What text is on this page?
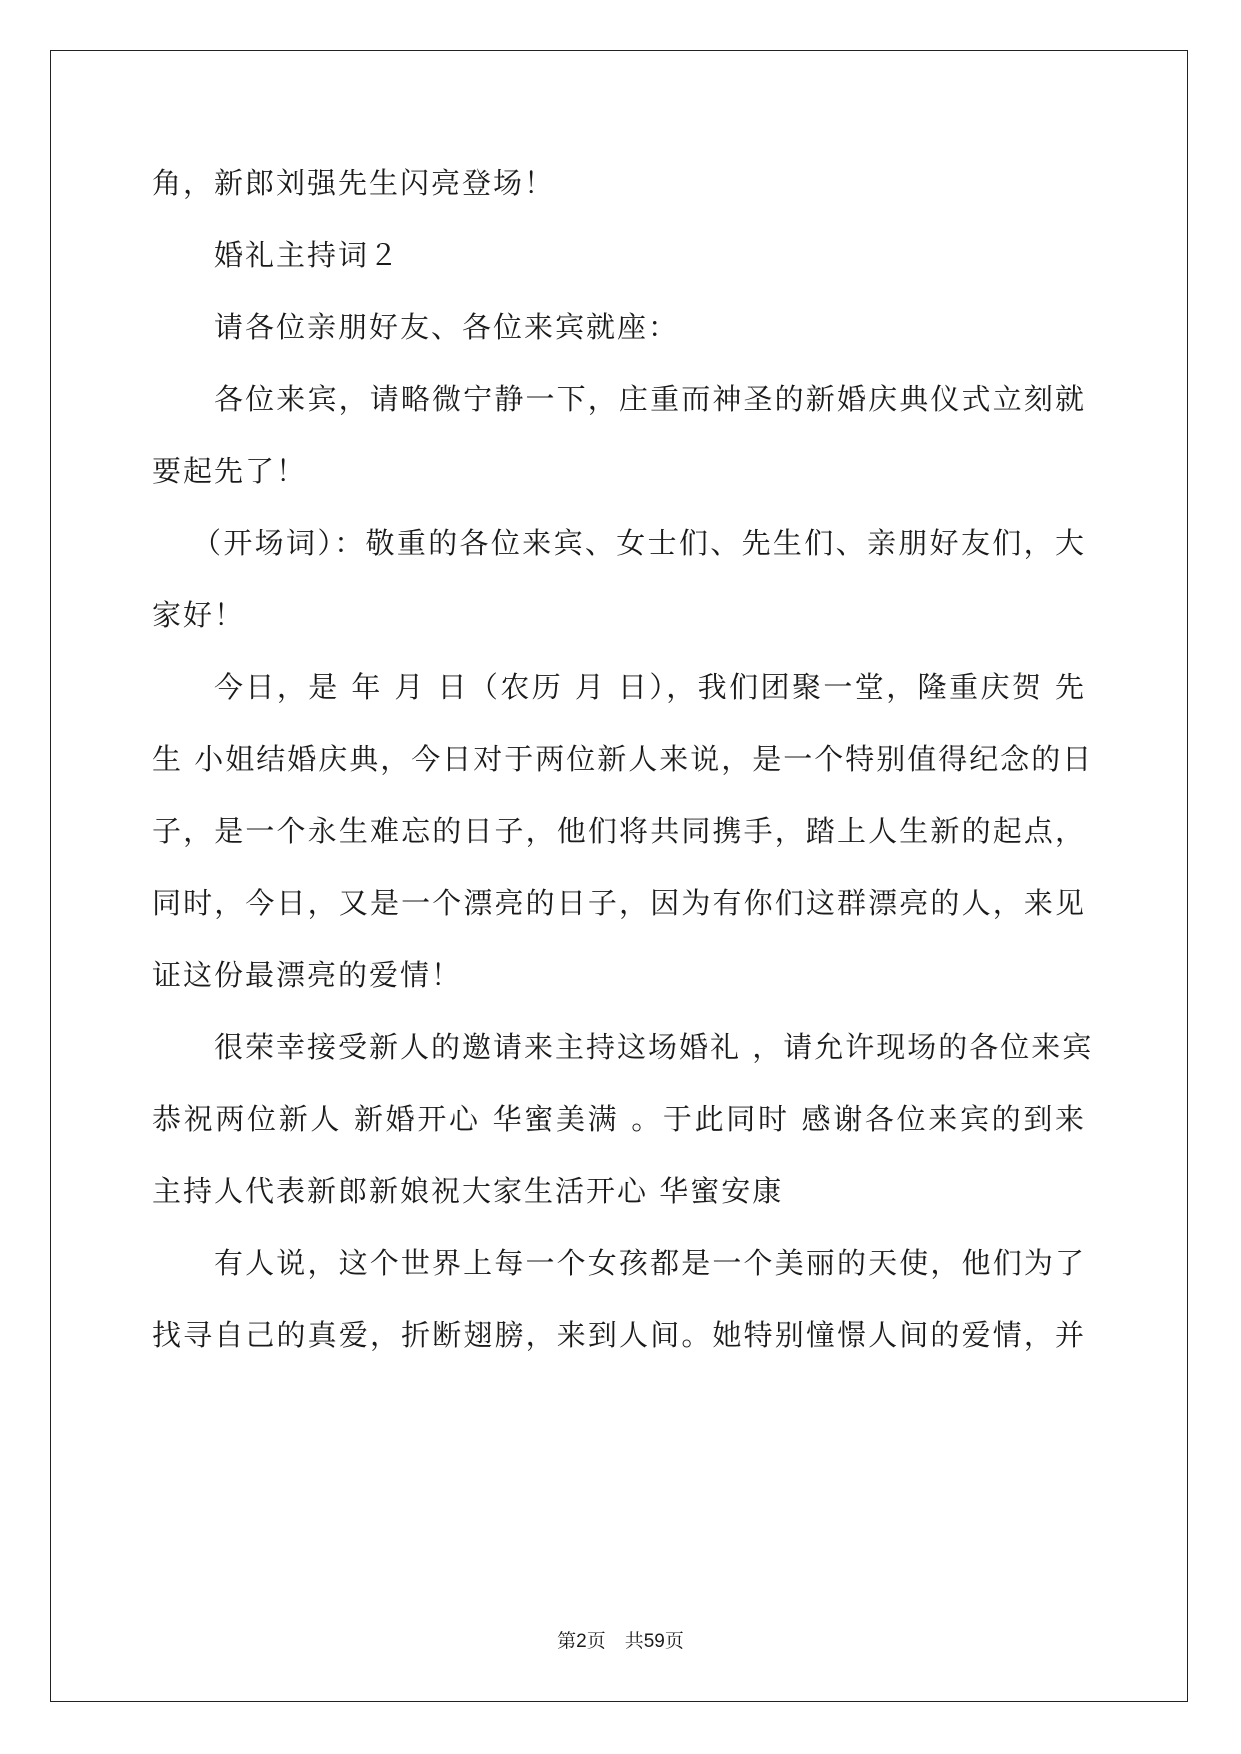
角，新郎刘强先生闪亮登场！
婚礼主持词２
请各位亲朋好友、各位来宾就座：
各位来宾，请略微宁静一下，庄重而神圣的新婚庆典仪式立刻就
要起先了！
（开场词）：敬重的各位来宾、女士们、先生们、亲朋好友们，大
家好！
今日，是 年 月 日（农历 月 日），我们团聚一堂，隆重庆贺 先
生 小姐结婚庆典，今日对于两位新人来说，是一个特别值得纪念的日
子，是一个永生难忘的日子，他们将共同携手，踏上人生新的起点，
同时，今日，又是一个漂亮的日子，因为有你们这群漂亮的人，来见
证这份最漂亮的爱情！
很荣幸接受新人的邀请来主持这场婚礼 ，请允许现场的各位来宾
恭祝两位新人 新婚开心 华蜜美满 。于此同时 感谢各位来宾的到来
主持人代表新郎新娘祝大家生活开心 华蜜安康
有人说，这个世界上每一个女孩都是一个美丽的天使，他们为了
找寻自己的真爱，折断翅膀，来到人间。她特别憧憬人间的爱情，并
第2页　共59页
